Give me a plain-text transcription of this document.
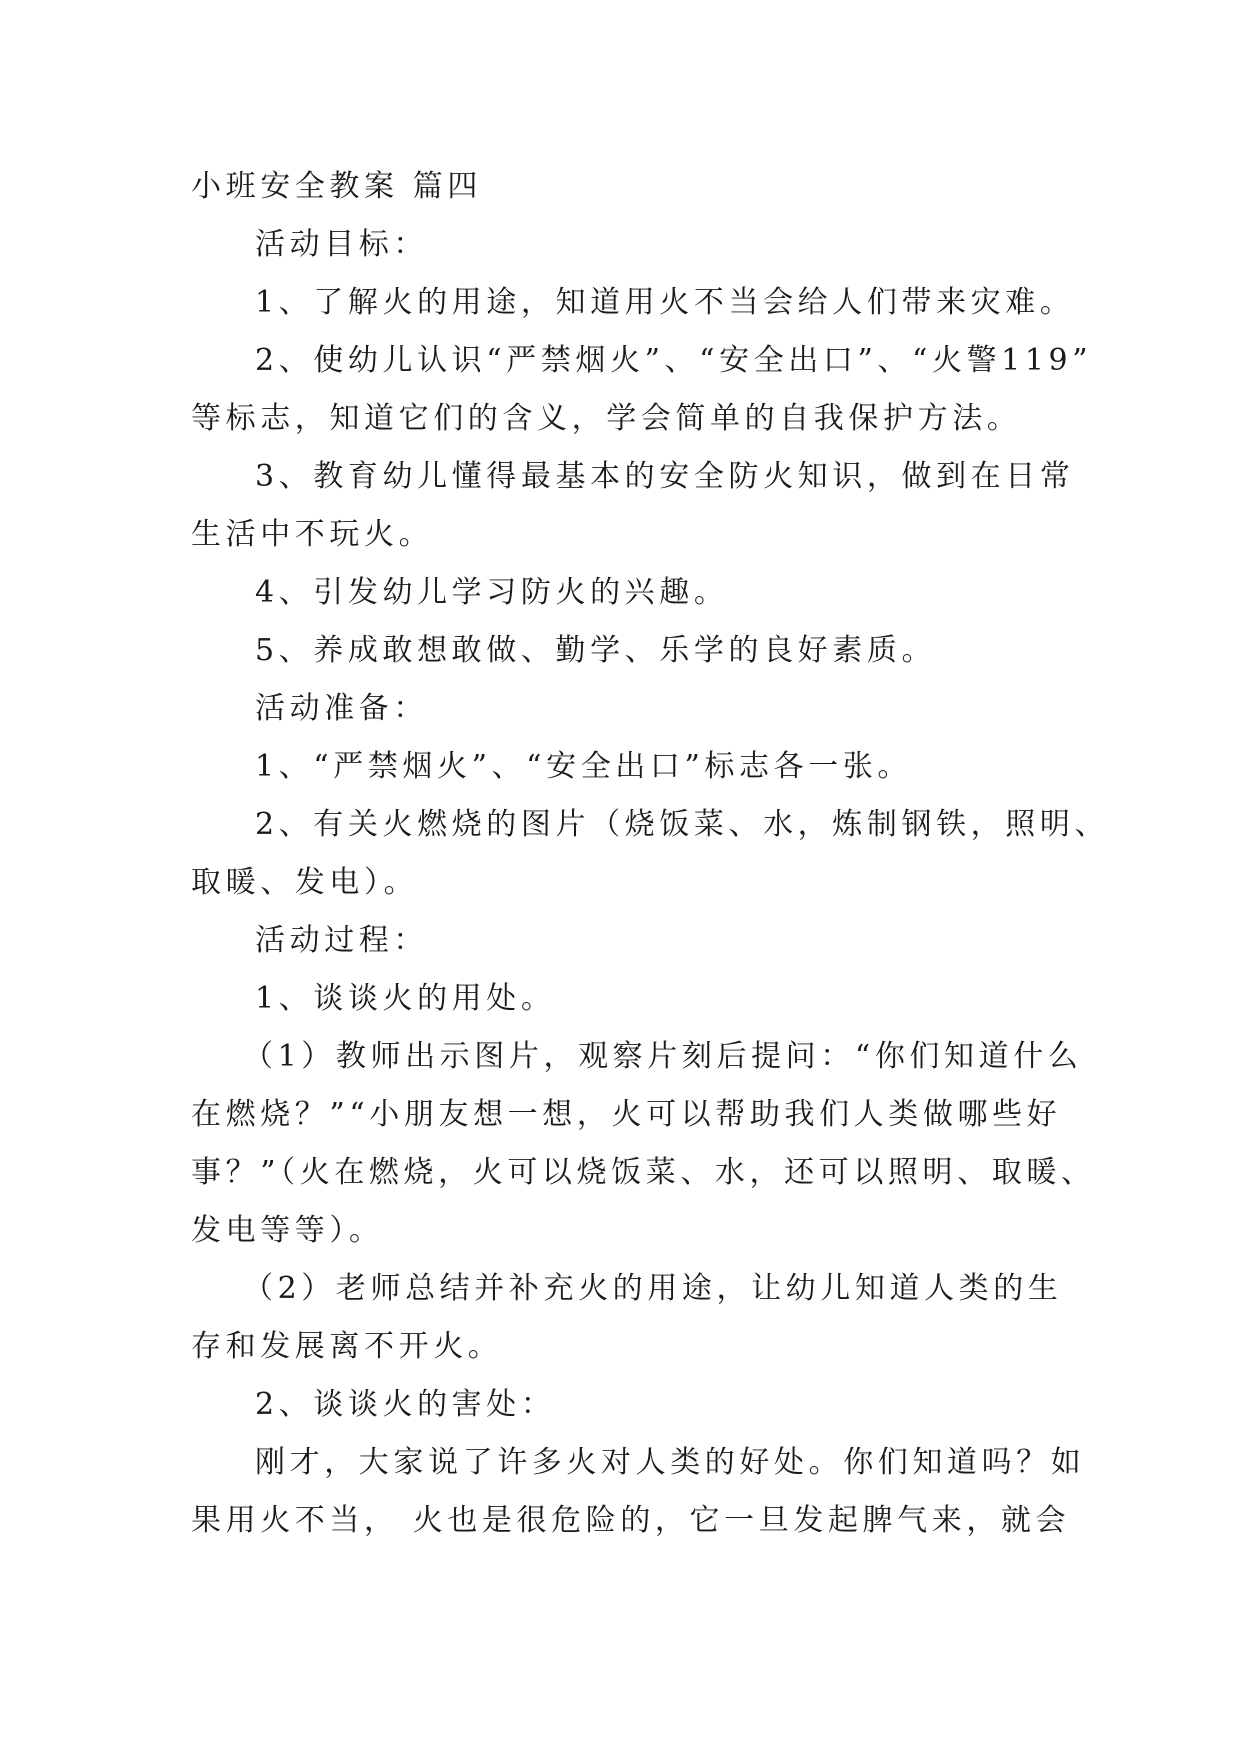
小班安全教案 篇四
活动目标：
1、了解火的用途，知道用火不当会给人们带来灾难。
2、使幼儿认识“严禁烟火”、“安全出口”、“火警119”
等标志，知道它们的含义，学会简单的自我保护方法。
3、教育幼儿懂得最基本的安全防火知识，做到在日常
生活中不玩火。
4、引发幼儿学习防火的兴趣。
5、养成敢想敢做、勤学、乐学的良好素质。
活动准备：
1、“严禁烟火”、“安全出口”标志各一张。
2、有关火燃烧的图片（烧饭菜、水，炼制钢铁，照明、
取暖、发电）。
活动过程：
1、谈谈火的用处。
（1）教师出示图片，观察片刻后提问：“你们知道什么
在燃烧？”“小朋友想一想，火可以帮助我们人类做哪些好
事？”（火在燃烧，火可以烧饭菜、水，还可以照明、取暖、
发电等等）。
（2）老师总结并补充火的用途，让幼儿知道人类的生
存和发展离不开火。
2、谈谈火的害处：
刚才，大家说了许多火对人类的好处。你们知道吗？如
果用火不当， 火也是很危险的，它一旦发起脾气来，就会
